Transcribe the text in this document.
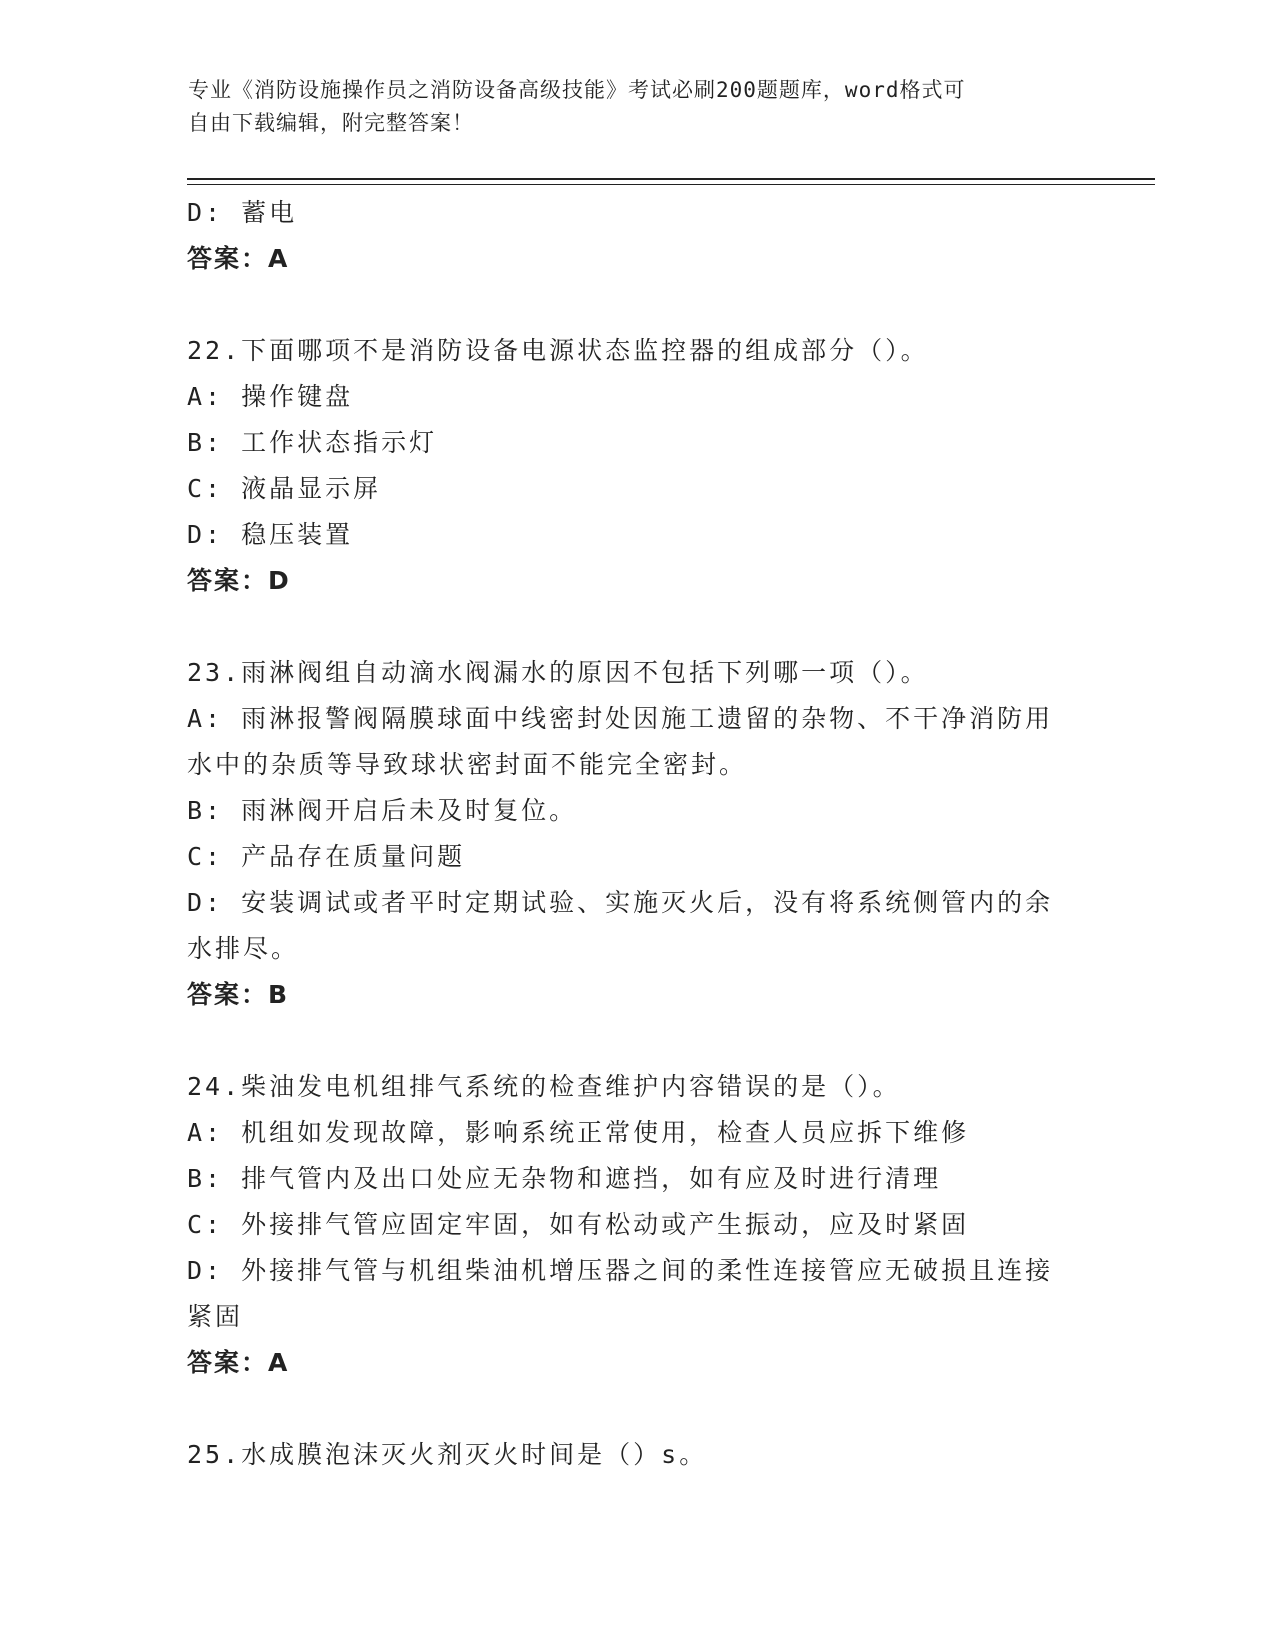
专业《消防设施操作员之消防设备高级技能》考试必刷200题题库，word格式可
自由下载编辑，附完整答案！
D: 蓄电
答案：A
22.下面哪项不是消防设备电源状态监控器的组成部分（）。
A: 操作键盘
B: 工作状态指示灯
C: 液晶显示屏
D: 稳压装置
答案：D
23.雨淋阀组自动滴水阀漏水的原因不包括下列哪一项（）。
A: 雨淋报警阀隔膜球面中线密封处因施工遗留的杂物、不干净消防用
水中的杂质等导致球状密封面不能完全密封。
B: 雨淋阀开启后未及时复位。
C: 产品存在质量问题
D: 安装调试或者平时定期试验、实施灭火后，没有将系统侧管内的余
水排尽。
答案：B
24.柴油发电机组排气系统的检查维护内容错误的是（）。
A: 机组如发现故障，影响系统正常使用，检查人员应拆下维修
B: 排气管内及出口处应无杂物和遮挡，如有应及时进行清理
C: 外接排气管应固定牢固，如有松动或产生振动，应及时紧固
D: 外接排气管与机组柴油机增压器之间的柔性连接管应无破损且连接
紧固
答案：A
25.水成膜泡沫灭火剂灭火时间是（）s。
